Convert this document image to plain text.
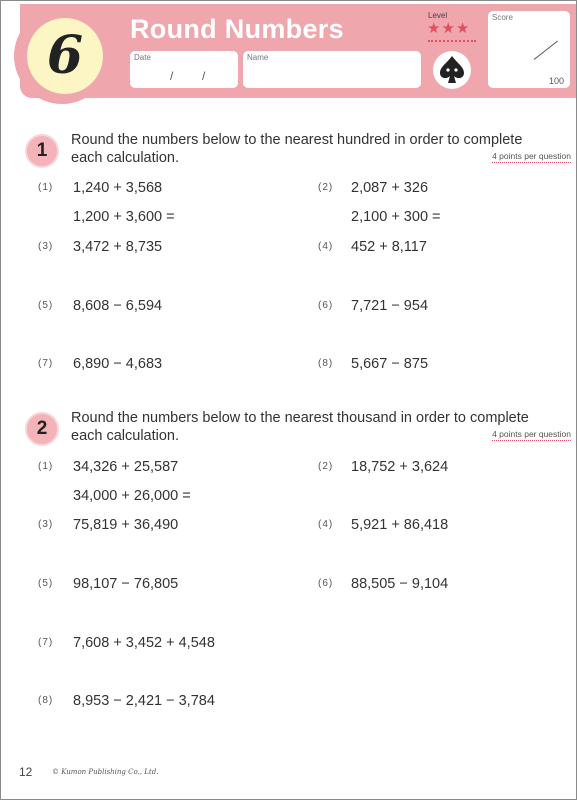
6 Round Numbers
Date
/ /
Name
Level
★★★
Score
100
1	Round the numbers below to the nearest hundred in order to complete each calculation.	4 points per question
(1) 1,240 + 3,568
1,200 + 3,600 =
(2) 2,087 + 326
2,100 + 300 =
(3) 3,472 + 8,735	(4) 452 + 8,117
(5) 8,608 − 6,594	(6) 7,721 − 954
(7) 6,890 − 4,683	(8) 5,667 − 875
2	Round the numbers below to the nearest thousand in order to complete each calculation.	4 points per question
(1) 34,326 + 25,587
34,000 + 26,000 =
(2) 18,752 + 3,624
(3) 75,819 + 36,490	(4) 5,921 + 86,418
(5) 98,107 − 76,805	(6) 88,505 − 9,104
(7) 7,608 + 3,452 + 4,548
(8) 8,953 − 2,421 − 3,784
12	© Kumon Publishing Co., Ltd.
